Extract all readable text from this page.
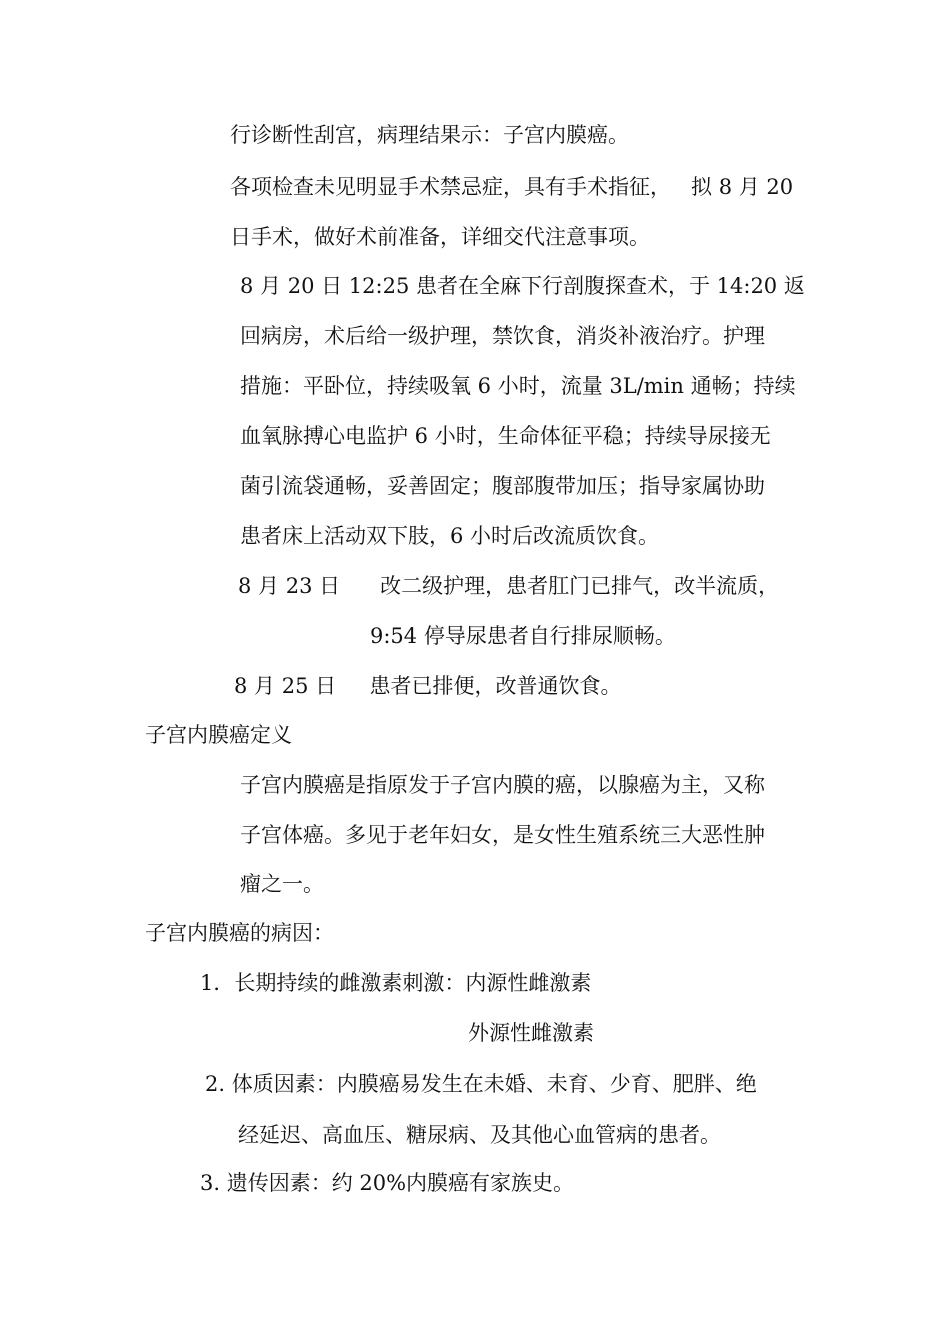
行诊断性刮宫，病理结果示：子宫内膜癌。
各项检查未见明显手术禁忌症，具有手术指征，   拟 8 月 20
日手术，做好术前准备，详细交代注意事项。
8 月 20 日 12:25 患者在全麻下行剖腹探查术，于 14:20 返
回病房，术后给一级护理，禁饮食，消炎补液治疗。护理
措施：平卧位，持续吸氧 6 小时，流量 3L/min 通畅；持续
血氧脉搏心电监护 6 小时，生命体征平稳；持续导尿接无
菌引流袋通畅，妥善固定；腹部腹带加压；指导家属协助
患者床上活动双下肢，6 小时后改流质饮食。
8 月 23 日      改二级护理，患者肛门已排气，改半流质，
9:54 停导尿患者自行排尿顺畅。
8 月 25 日     患者已排便，改普通饮食。
子宫内膜癌定义
子宫内膜癌是指原发于子宫内膜的癌，以腺癌为主，又称
子宫体癌。多见于老年妇女，是女性生殖系统三大恶性肿
瘤之一。
子宫内膜癌的病因：
1．长期持续的雌激素刺激：内源性雌激素
外源性雌激素
2. 体质因素：内膜癌易发生在未婚、未育、少育、肥胖、绝
经延迟、高血压、糖尿病、及其他心血管病的患者。
3. 遗传因素：约 20%内膜癌有家族史。
